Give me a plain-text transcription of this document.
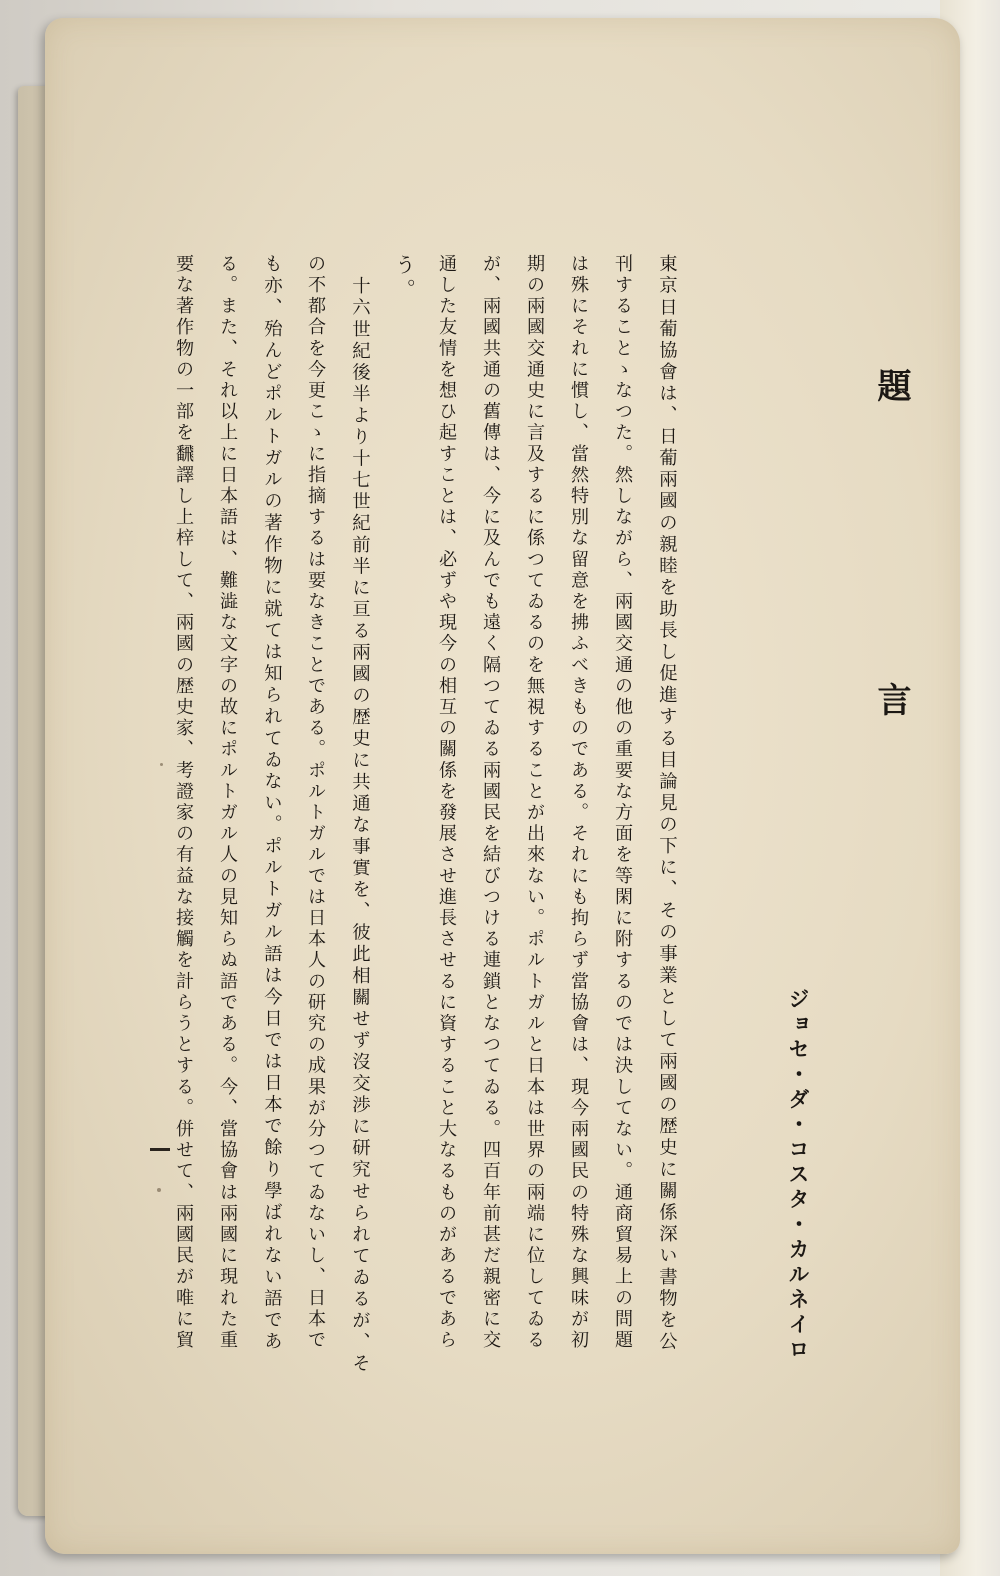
題 言
ジョセ・ダ・コスタ・カルネイロ
東京日葡協會は、日葡兩國の親睦を助長し促進する目論見の下に、その事業として兩國の歴史に關係深い書物を公
刊することゝなつた。然しながら、兩國交通の他の重要な方面を等閑に附するのでは決してない。通商貿易上の問題
は殊にそれに慣し、當然特別な留意を拂ふべきものである。それにも拘らず當協會は、現今兩國民の特殊な興味が初
期の兩國交通史に言及するに係つてゐるのを無視することが出來ない。ポルトガルと日本は世界の兩端に位してゐる
が、兩國共通の舊傳は、今に及んでも遠く隔つてゐる兩國民を結びつける連鎖となつてゐる。四百年前甚だ親密に交
通した友情を想ひ起すことは、必ずや現今の相互の關係を發展させ進長させるに資すること大なるものがあるであら
う。
十六世紀後半より十七世紀前半に亘る兩國の歴史に共通な事實を、彼此相關せず沒交渉に研究せられてゐるが、そ
の不都合を今更こゝに指摘するは要なきことである。ポルトガルでは日本人の研究の成果が分つてゐないし、日本で
も亦、殆んどポルトガルの著作物に就ては知られてゐない。ポルトガル語は今日では日本で餘り學ばれない語であ
る。また、それ以上に日本語は、難澁な文字の故にポルトガル人の見知らぬ語である。今、當協會は兩國に現れた重
要な著作物の一部を飜譯し上梓して、兩國の歴史家、考證家の有益な接觸を計らうとする。併せて、兩國民が唯に貿
